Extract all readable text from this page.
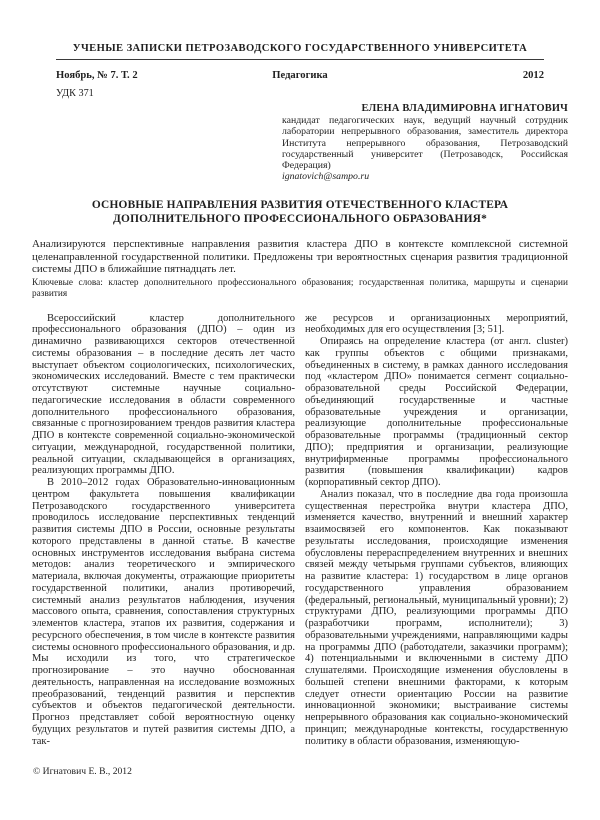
УЧЕНЫЕ ЗАПИСКИ ПЕТРОЗАВОДСКОГО ГОСУДАРСТВЕННОГО УНИВЕРСИТЕТА
Ноябрь, № 7. Т. 2	Педагогика	2012
УДК 371
ЕЛЕНА ВЛАДИМИРОВНА ИГНАТОВИЧ
кандидат педагогических наук, ведущий научный сотрудник лаборатории непрерывного образования, заместитель директора Института непрерывного образования, Петрозаводский государственный университет (Петрозаводск, Российская Федерация)
ignatovich@sampo.ru
ОСНОВНЫЕ НАПРАВЛЕНИЯ РАЗВИТИЯ ОТЕЧЕСТВЕННОГО КЛАСТЕРА
ДОПОЛНИТЕЛЬНОГО ПРОФЕССИОНАЛЬНОГО ОБРАЗОВАНИЯ*

Анализируются перспективные направления развития кластера ДПО в контексте комплексной системной целенаправленной государственной политики. Предложены три вероятностных сценария развития традиционной системы ДПО в ближайшие пятнадцать лет.

Ключевые слова: кластер дополнительного профессионального образования; государственная политика, маршруты и сценарии развития

Всероссийский кластер дополнительного профессионального образования (ДПО) – один из динамично развивающихся секторов отечественной системы образования – в последние десять лет часто выступает объектом социологических, психологических, экономических исследований. Вместе с тем практически отсутствуют системные научные социально-педагогические исследования в области современного дополнительного профессионального образования, связанные с прогнозированием трендов развития кластера ДПО в контексте современной социально-экономической ситуации, международной, государственной политики, реальной ситуации, складывающейся в организациях, реализующих программы ДПО.

В 2010–2012 годах Образовательно-инновационным центром факультета повышения квалификации Петрозаводского государственного университета проводилось исследование перспективных тенденций развития системы ДПО в России, основные результаты которого представлены в данной статье. В качестве основных инструментов исследования выбрана система методов: анализ теоретического и эмпирического материала, включая документы, отражающие приоритеты государственной политики, анализ противоречий, системный анализ результатов наблюдения, изучения массового опыта, сравнения, сопоставления структурных элементов кластера, этапов их развития, содержания и ресурсного обеспечения, в том числе в контексте развития системы основного профессионального образования, и др. Мы исходили из того, что стратегическое прогнозирование – это научно обоснованная деятельность, направленная на исследование возможных преобразований, тенденций развития и перспектив субъектов и объектов педагогической деятельности. Прогноз представляет собой вероятностную оценку будущих результатов и путей развития системы ДПО, а так-

же ресурсов и организационных мероприятий, необходимых для его осуществления [3; 51].

Опираясь на определение кластера (от англ. cluster) как группы объектов с общими признаками, объединенных в систему, в рамках данного исследования под «кластером ДПО» понимается сегмент социально-образовательной среды Российской Федерации, объединяющий государственные и частные образовательные учреждения и организации, реализующие дополнительные профессиональные образовательные программы (традиционный сектор ДПО); предприятия и организации, реализующие внутрифирменные программы профессионального развития (повышения квалификации) кадров (корпоративный сектор ДПО).

Анализ показал, что в последние два года произошла существенная перестройка внутри кластера ДПО, изменяется качество, внутренний и внешний характер взаимосвязей его компонентов. Как показывают результаты исследования, происходящие изменения обусловлены перераспределением внутренних и внешних связей между четырьмя группами субъектов, влияющих на развитие кластера: 1) государством в лице органов государственного управления образованием (федеральный, региональный, муниципальный уровни); 2) структурами ДПО, реализующими программы ДПО (разработчики программ, исполнители); 3) образовательными учреждениями, направляющими кадры на программы ДПО (работодатели, заказчики программ); 4) потенциальными и включенными в систему ДПО слушателями. Происходящие изменения обусловлены в большей степени внешними факторами, к которым следует отнести ориентацию России на развитие инновационной экономики; выстраивание системы непрерывного образования как социально-экономический принцип; международные контексты, государственную политику в области образования, изменяющую-

© Игнатович Е. В., 2012
